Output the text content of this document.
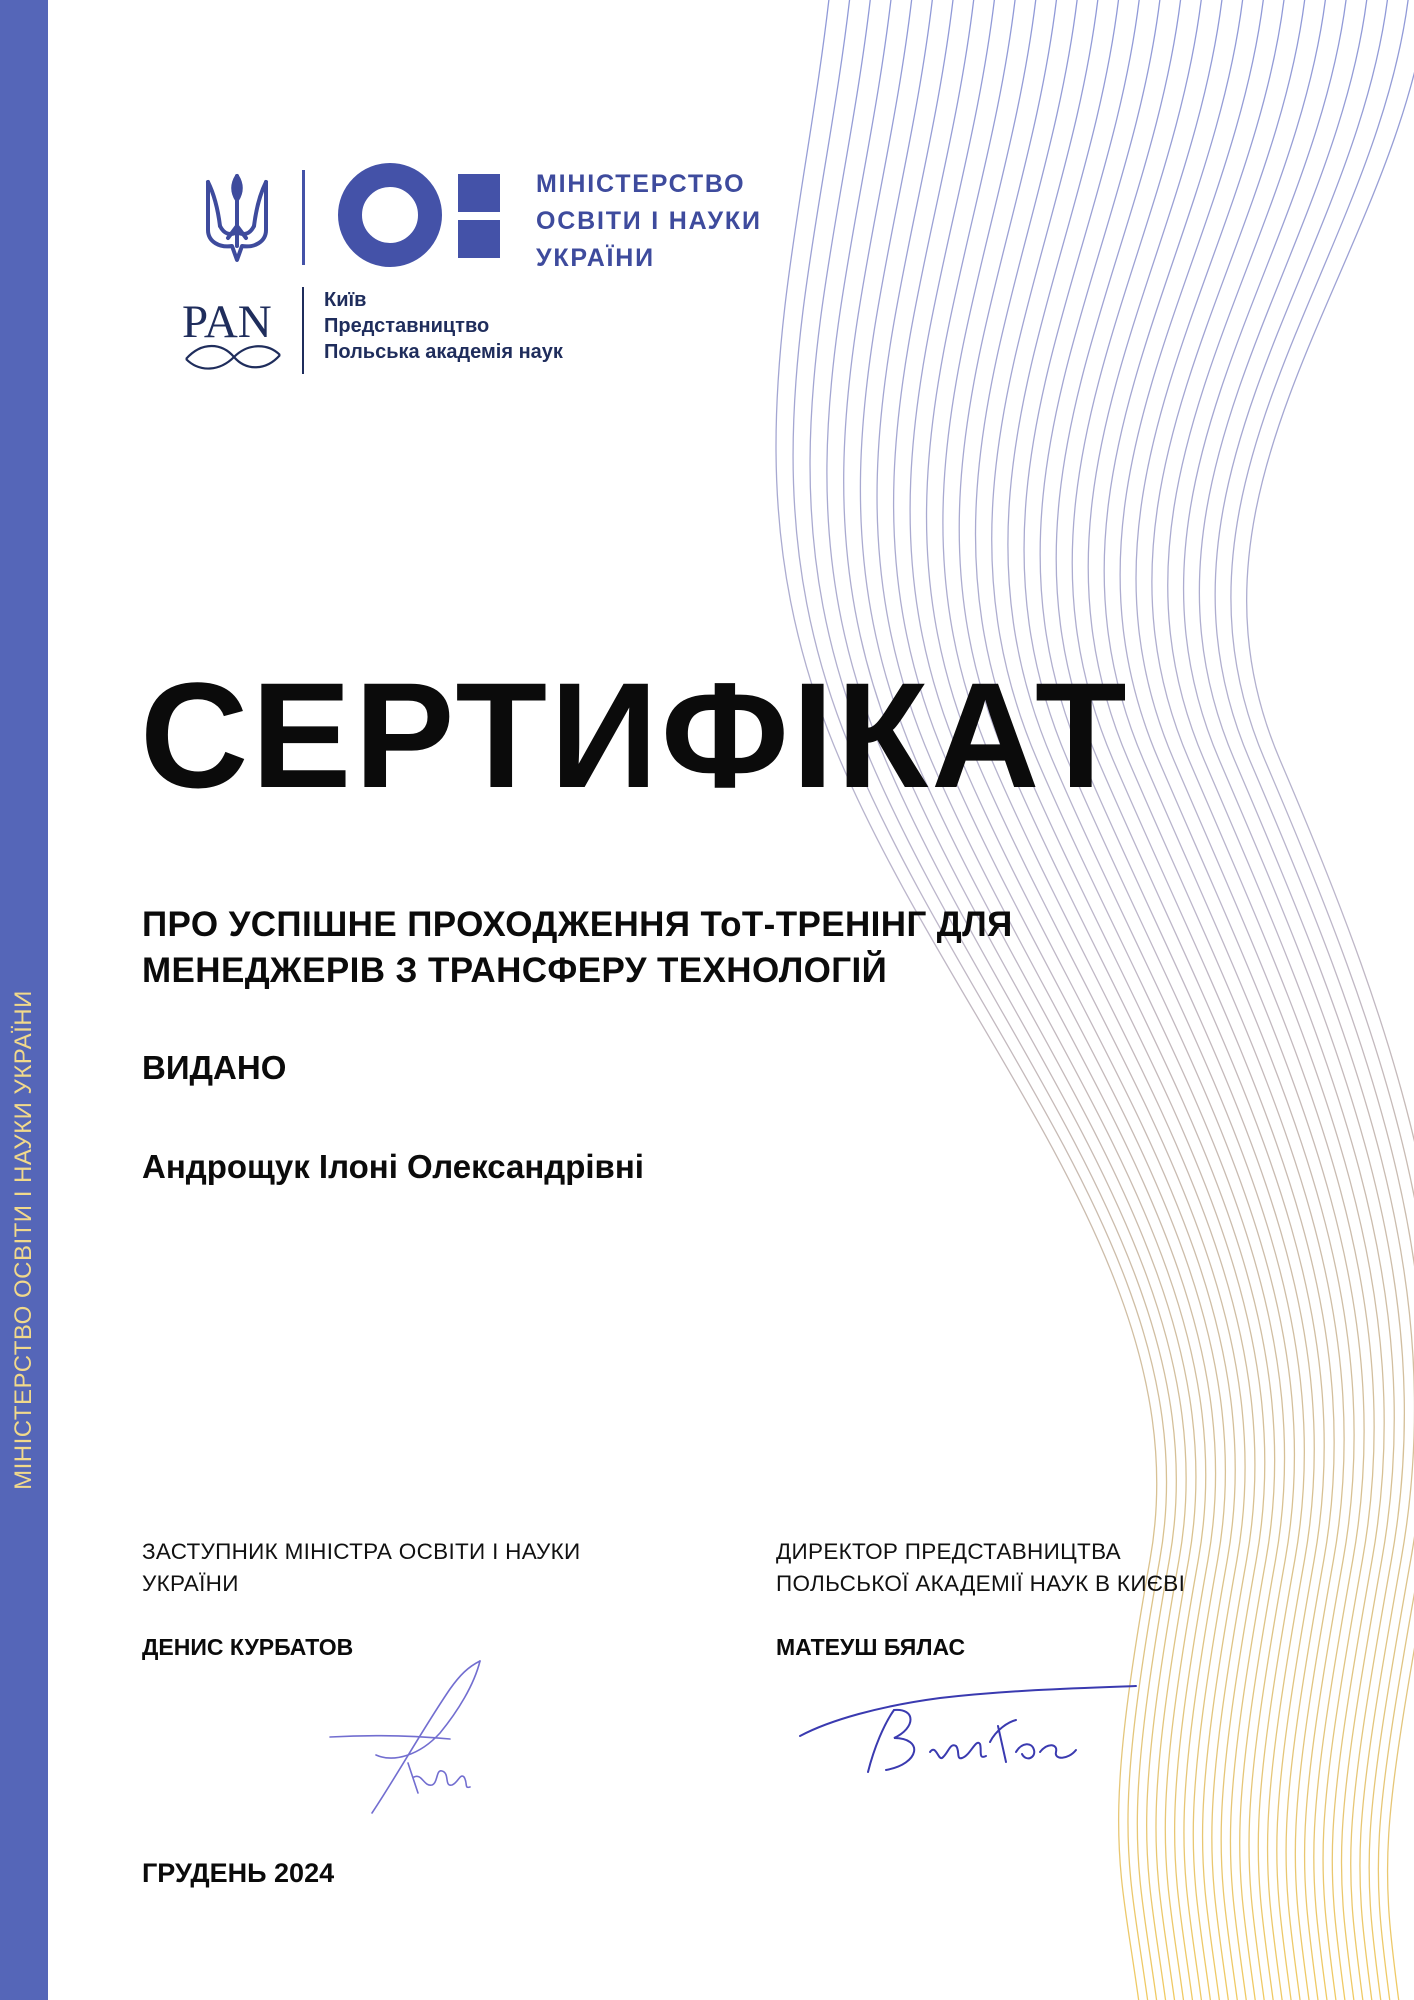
МІНІСТЕРСТВО ОСВІТИ І НАУКИ УКРАЇНИ
МІНІСТЕРСТВО
ОСВІТИ І НАУКИ
УКРАЇНИ
PAN	Київ
Представництво
Польська академія наук
СЕРТИФІКАТ
ПРО УСПІШНЕ ПРОХОДЖЕННЯ ТоТ-ТРЕНІНГ ДЛЯ
МЕНЕДЖЕРІВ З ТРАНСФЕРУ ТЕХНОЛОГІЙ
ВИДАНО
Андрощук Ілоні Олександрівні
ЗАСТУПНИК МІНІСТРА ОСВІТИ І НАУКИ
УКРАЇНИ
ДЕНИС КУРБАТОВ
ДИРЕКТОР ПРЕДСТАВНИЦТВА
ПОЛЬСЬКОЇ АКАДЕМІЇ НАУК В КИЄВІ
МАТЕУШ БЯЛАС
ГРУДЕНЬ 2024
